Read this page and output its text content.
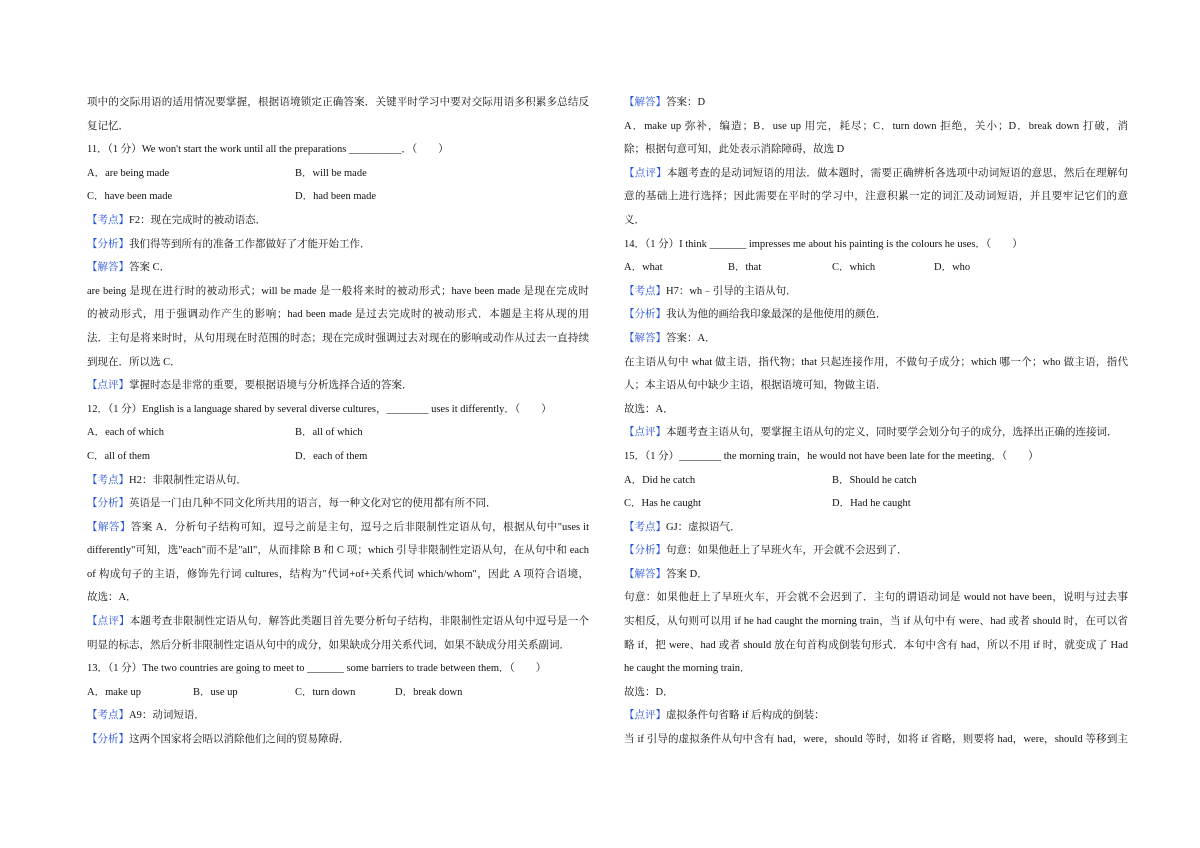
项中的交际用语的适用情况要掌握，根据语境锁定正确答案．关键平时学习中要对交际用语多积累多总结反
复记忆．
11．（1 分）We won't start the work until all the preparations __________．（　　）
A．are being made	B．will be made
C．have been made	D．had been made
【考点】F2：现在完成时的被动语态．
【分析】我们得等到所有的准备工作都做好了才能开始工作．
【解答】答案 C．
are being 是现在进行时的被动形式；will be made 是一般将来时的被动形式；have been made 是现在完成时
的被动形式，用于强调动作产生的影响；had been made 是过去完成时的被动形式．本题是主将从现的用
法．主句是将来时时，从句用现在时范围的时态；现在完成时强调过去对现在的影响或动作从过去一直持续
到现在．所以选 C．
【点评】掌握时态是非常的重要，要根据语境与分析选择合适的答案．
12．（1 分）English is a language shared by several diverse cultures，________ uses it differently．（　　）
A．each of which	B．all of which
C．all of them	D．each of them
【考点】H2：非限制性定语从句．
【分析】英语是一门由几种不同文化所共用的语言，每一种文化对它的使用都有所不同．
【解答】答案 A．分析句子结构可知，逗号之前是主句，逗号之后非限制性定语从句，根据从句中"uses it
differently"可知，选"each"而不是"all"，从而排除 B 和 C 项；which 引导非限制性定语从句，在从句中和 each
of 构成句子的主语，修饰先行词 cultures，结构为"代词+of+关系代词 which/whom"，因此 A 项符合语境，
故选：A．
【点评】本题考查非限制性定语从句．解答此类题目首先要分析句子结构，非限制性定语从句中逗号是一个
明显的标志，然后分析非限制性定语从句中的成分，如果缺成分用关系代词，如果不缺成分用关系副词．
13．（1 分）The two countries are going to meet to _______ some barriers to trade between them．（　　）
A．make up	B．use up	C．turn down	D．break down
【考点】A9：动词短语．
【分析】这两个国家将会晤以消除他们之间的贸易障碍．
【解答】答案：D
A．make up 弥补，编造；B．use up 用完，耗尽；C．turn down 拒绝，关小；D．break down 打破，消
除；根据句意可知，此处表示消除障碍，故选 D
【点评】本题考查的是动词短语的用法．做本题时，需要正确辨析各选项中动词短语的意思，然后在理解句
意的基础上进行选择；因此需要在平时的学习中，注意积累一定的词汇及动词短语，并且要牢记它们的意
义．
14．（1 分）I think _______ impresses me about his painting is the colours he uses．（　　）
A．what	B．that	C．which	D．who
【考点】H7：wh﹣引导的主语从句．
【分析】我认为他的画给我印象最深的是他使用的颜色．
【解答】答案：A．
在主语从句中 what 做主语，指代物；that 只起连接作用，不做句子成分；which 哪一个；who 做主语，指代
人；本主语从句中缺少主语，根据语境可知，物做主语．
故选：A．
【点评】本题考查主语从句，要掌握主语从句的定义，同时要学会划分句子的成分，选择出正确的连接词．
15．（1 分）________ the morning train，he would not have been late for the meeting．（　　）
A．Did he catch	B．Should he catch
C．Has he caught	D．Had he caught
【考点】GJ：虚拟语气．
【分析】句意：如果他赶上了早班火车，开会就不会迟到了．
【解答】答案 D．
句意：如果他赶上了早班火车，开会就不会迟到了．主句的谓语动词是 would not have been，说明与过去事
实相反，从句则可以用 if he had caught the morning train，当 if 从句中有 were、had 或者 should 时，在可以省
略 if，把 were、had 或者 should 放在句首构成倒装句形式．本句中含有 had，所以不用 if 时，就变成了 Had
he caught the morning train．
故选：D．
【点评】虚拟条件句省略 if 后构成的倒装：
当 if 引导的虚拟条件从句中含有 had，were，should 等时，如将 if 省略，则要将 had，were，should 等移到主
